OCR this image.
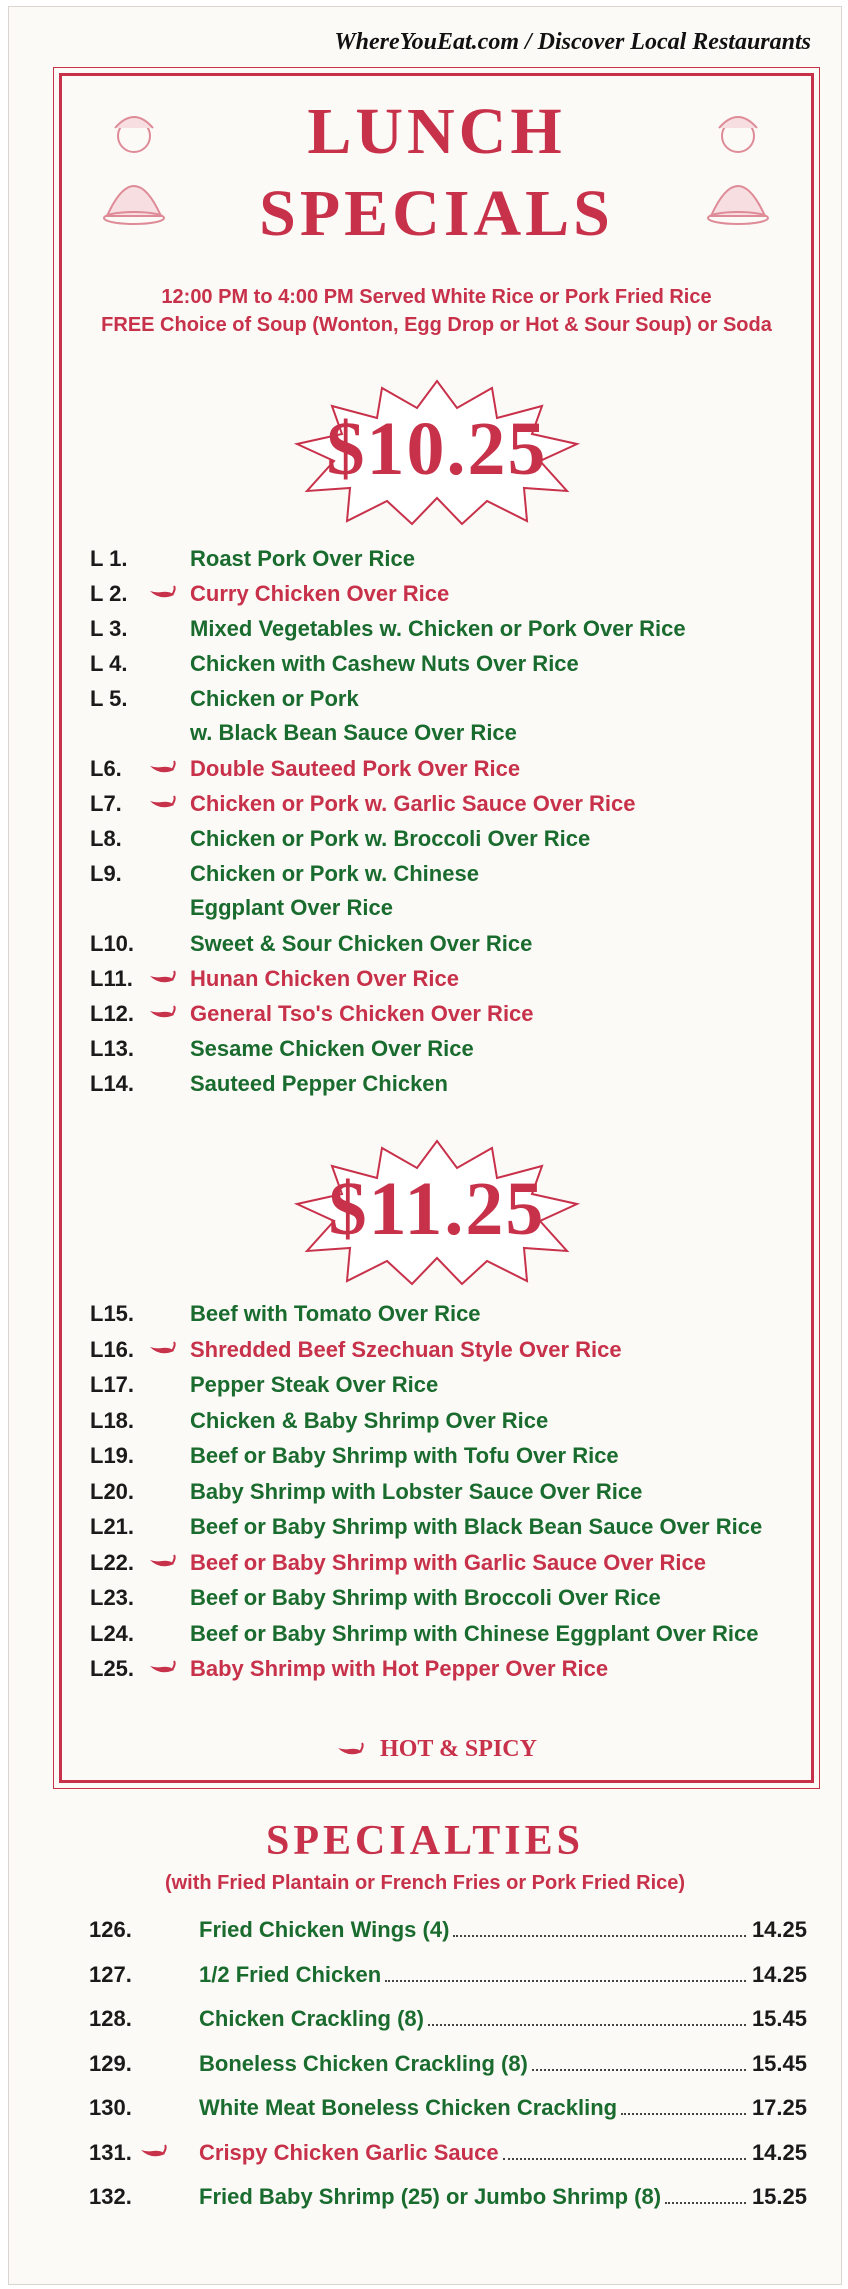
WhereYouEat.com / Discover Local Restaurants
LUNCH
SPECIALS
12:00 PM to 4:00 PM Served White Rice or Pork Fried Rice
FREE Choice of Soup (Wonton, Egg Drop or Hot & Sour Soup) or Soda
$10.25
L 1.	Roast Pork Over Rice
L 2.	Curry Chicken Over Rice
L 3.	Mixed Vegetables w. Chicken or Pork Over Rice
L 4.	Chicken with Cashew Nuts Over Rice
L 5.	Chicken or Pork
w. Black Bean Sauce Over Rice
L6.	Double Sauteed Pork Over Rice
L7.	Chicken or Pork w. Garlic Sauce Over Rice
L8.	Chicken or Pork w. Broccoli Over Rice
L9.	Chicken or Pork w. Chinese
Eggplant Over Rice
L10.	Sweet & Sour Chicken Over Rice
L11.	Hunan Chicken Over Rice
L12.	General Tso's Chicken Over Rice
L13.	Sesame Chicken Over Rice
L14.	Sauteed Pepper Chicken
$11.25
L15.	Beef with Tomato Over Rice
L16.	Shredded Beef Szechuan Style Over Rice
L17.	Pepper Steak Over Rice
L18.	Chicken & Baby Shrimp Over Rice
L19.	Beef or Baby Shrimp with Tofu Over Rice
L20.	Baby Shrimp with Lobster Sauce Over Rice
L21.	Beef or Baby Shrimp with Black Bean Sauce Over Rice
L22.	Beef or Baby Shrimp with Garlic Sauce Over Rice
L23.	Beef or Baby Shrimp with Broccoli Over Rice
L24.	Beef or Baby Shrimp with Chinese Eggplant Over Rice
L25.	Baby Shrimp with Hot Pepper Over Rice
HOT & SPICY
SPECIALTIES
(with Fried Plantain or French Fries or Pork Fried Rice)
126.	Fried Chicken Wings (4)	14.25
127.	1/2 Fried Chicken	14.25
128.	Chicken Crackling (8)	15.45
129.	Boneless Chicken Crackling (8)	15.45
130.	White Meat Boneless Chicken Crackling	17.25
131.	Crispy Chicken Garlic Sauce	14.25
132.	Fried Baby Shrimp (25) or Jumbo Shrimp (8)	15.25
